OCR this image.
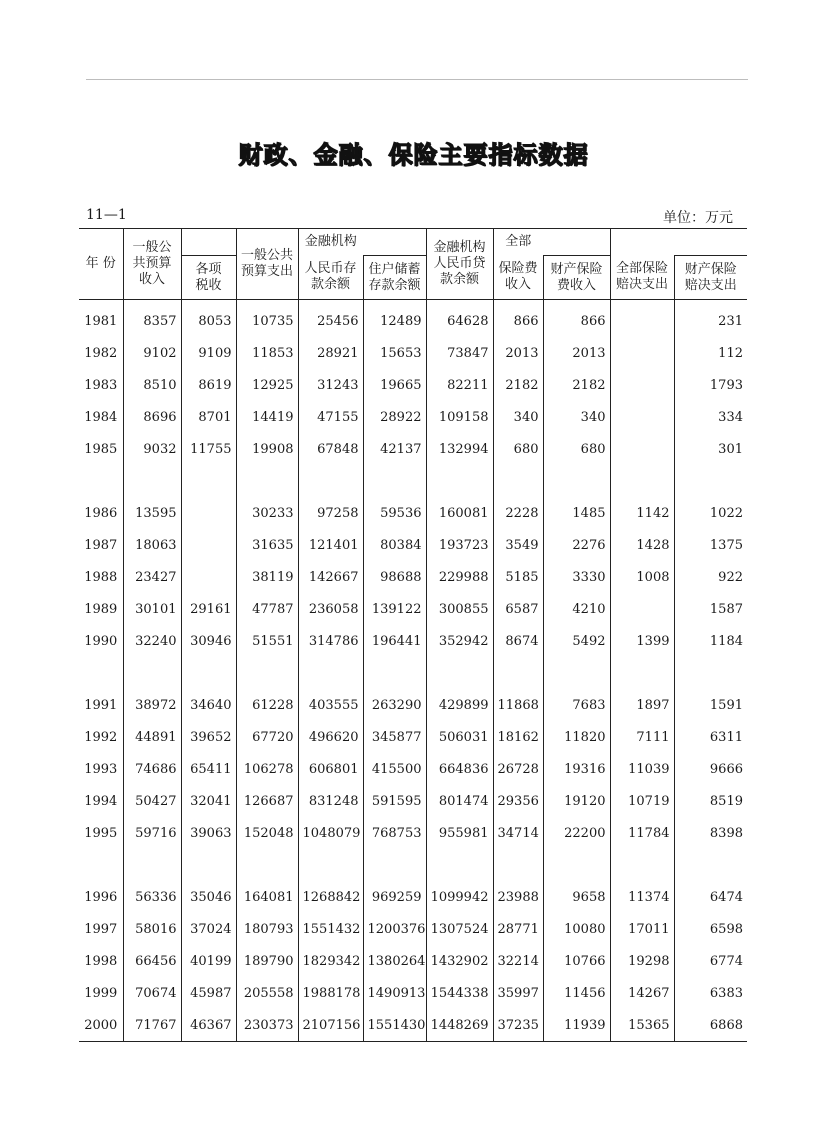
财政、金融、保险主要指标数据
11—1	单位：万元
年 份	一般公共预算收入		一般公共预算支出	金融机构		金融机构人民币贷款余额	全部			

		各项税收		人民币存款余额	住户储蓄存款余额		保险费收入	财产保险费收入	全部保险赔决支出	财产保险赔决支出

1981	8357	8053	10735	25456	12489	64628	866	866		231
1982	9102	9109	11853	28921	15653	73847	2013	2013		112
1983	8510	8619	12925	31243	19665	82211	2182	2182		1793
1984	8696	8701	14419	47155	28922	109158	340	340		334
1985	9032	11755	19908	67848	42137	132994	680	680		301

1986	13595		30233	97258	59536	160081	2228	1485	1142	1022
1987	18063		31635	121401	80384	193723	3549	2276	1428	1375
1988	23427		38119	142667	98688	229988	5185	3330	1008	922
1989	30101	29161	47787	236058	139122	300855	6587	4210		1587
1990	32240	30946	51551	314786	196441	352942	8674	5492	1399	1184

1991	38972	34640	61228	403555	263290	429899	11868	7683	1897	1591
1992	44891	39652	67720	496620	345877	506031	18162	11820	7111	6311
1993	74686	65411	106278	606801	415500	664836	26728	19316	11039	9666
1994	50427	32041	126687	831248	591595	801474	29356	19120	10719	8519
1995	59716	39063	152048	1048079	768753	955981	34714	22200	11784	8398

1996	56336	35046	164081	1268842	969259	1099942	23988	9658	11374	6474
1997	58016	37024	180793	1551432	1200376	1307524	28771	10080	17011	6598
1998	66456	40199	189790	1829342	1380264	1432902	32214	10766	19298	6774
1999	70674	45987	205558	1988178	1490913	1544338	35997	11456	14267	6383
2000	71767	46367	230373	2107156	1551430	1448269	37235	11939	15365	6868
